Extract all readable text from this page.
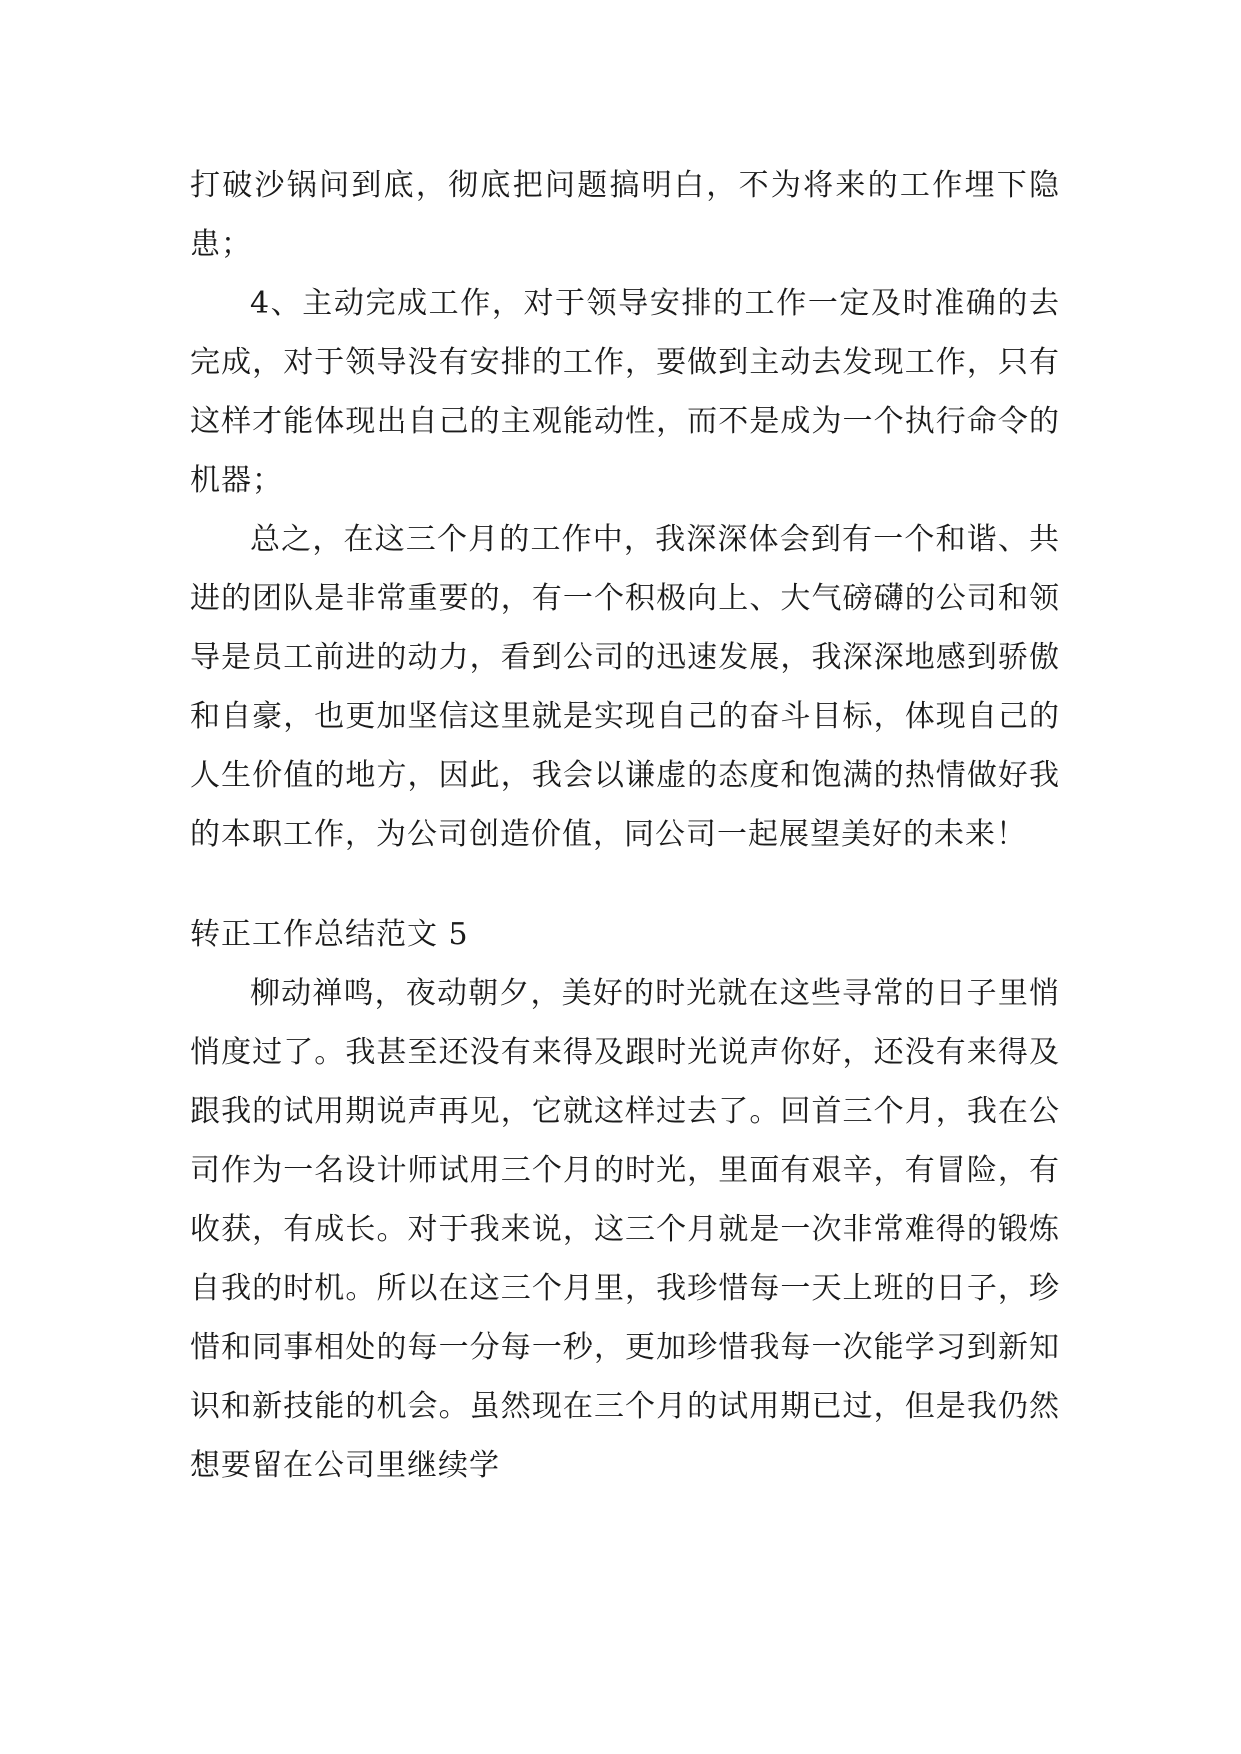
打破沙锅问到底，彻底把问题搞明白，不为将来的工作埋下隐患；

4、主动完成工作，对于领导安排的工作一定及时准确的去完成，对于领导没有安排的工作，要做到主动去发现工作，只有这样才能体现出自己的主观能动性，而不是成为一个执行命令的机器；

总之，在这三个月的工作中，我深深体会到有一个和谐、共进的团队是非常重要的，有一个积极向上、大气磅礴的公司和领导是员工前进的动力，看到公司的迅速发展，我深深地感到骄傲和自豪，也更加坚信这里就是实现自己的奋斗目标，体现自己的人生价值的地方，因此，我会以谦虚的态度和饱满的热情做好我的本职工作，为公司创造价值，同公司一起展望美好的未来！

转正工作总结范文 5

柳动禅鸣，夜动朝夕，美好的时光就在这些寻常的日子里悄悄度过了。我甚至还没有来得及跟时光说声你好，还没有来得及跟我的试用期说声再见，它就这样过去了。回首三个月，我在公司作为一名设计师试用三个月的时光，里面有艰辛，有冒险，有收获，有成长。对于我来说，这三个月就是一次非常难得的锻炼自我的时机。所以在这三个月里，我珍惜每一天上班的日子，珍惜和同事相处的每一分每一秒，更加珍惜我每一次能学习到新知识和新技能的机会。虽然现在三个月的试用期已过，但是我仍然想要留在公司里继续学
